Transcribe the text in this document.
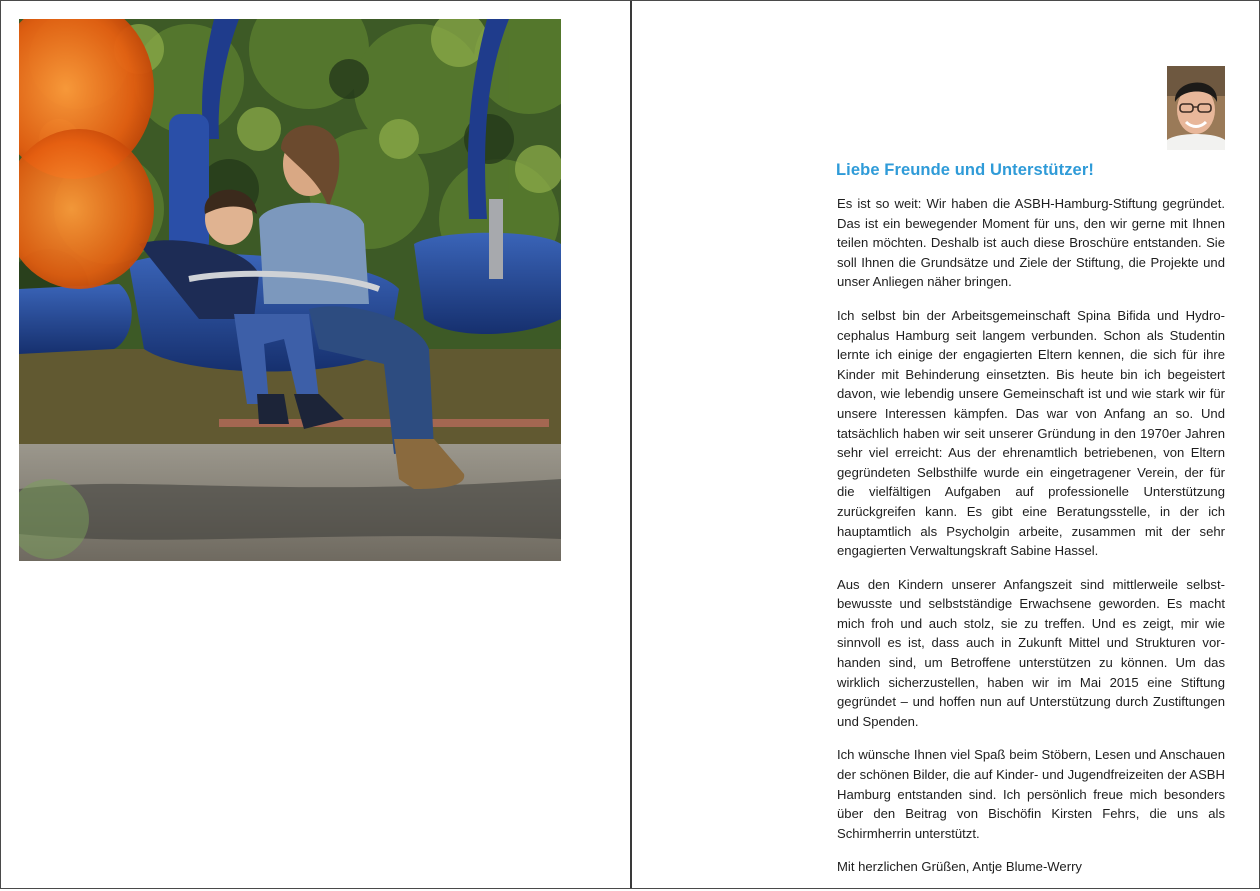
Liebe Freunde und Unterstützer!

Es ist so weit: Wir haben die ASBH-Hamburg-Stiftung gegründet. Das ist ein bewegender Moment für uns, den wir gerne mit Ihnen teilen möchten. Deshalb ist auch diese Broschüre entstanden. Sie soll Ihnen die Grundsätze und Ziele der Stiftung, die Projekte und unser Anliegen näher bringen.

Ich selbst bin der Arbeitsgemeinschaft Spina Bifida und Hydrocephalus Hamburg seit langem verbunden. Schon als Studentin lernte ich einige der engagierten Eltern kennen, die sich für ihre Kinder mit Behinderung einsetzten. Bis heute bin ich begeistert davon, wie lebendig unsere Gemeinschaft ist und wie stark wir für unsere Interessen kämpfen. Das war von Anfang an so. Und tatsächlich haben wir seit unserer Gründung in den 1970er Jahren sehr viel erreicht: Aus der ehrenamtlich betriebenen, von Eltern gegründeten Selbsthilfe wurde ein eingetragener Verein, der für die vielfältigen Aufgaben auf professionelle Unterstützung zurückgreifen kann. Es gibt eine Beratungsstelle, in der ich hauptamtlich als Psycholgin arbeite, zusammen mit der sehr engagierten Verwaltungskraft Sabine Hassel.

Aus den Kindern unserer Anfangszeit sind mittlerweile selbstbewusste und selbstständige Erwachsene geworden. Es macht mich froh und auch stolz, sie zu treffen. Und es zeigt, mir wie sinnvoll es ist, dass auch in Zukunft Mittel und Strukturen vorhanden sind, um Betroffene unterstützen zu können. Um das wirklich sicherzustellen, haben wir im Mai 2015 eine Stiftung gegründet – und hoffen nun auf Unterstützung durch Zustiftungen und Spenden.

Ich wünsche Ihnen viel Spaß beim Stöbern, Lesen und Anschauen der schönen Bilder, die auf Kinder- und Jugendfreizeiten der ASBH Hamburg entstanden sind. Ich persönlich freue mich besonders über den Beitrag von Bischöfin Kirsten Fehrs, die uns als Schirmherrin unterstützt.

Mit herzlichen Grüßen, Antje Blume-Werry
